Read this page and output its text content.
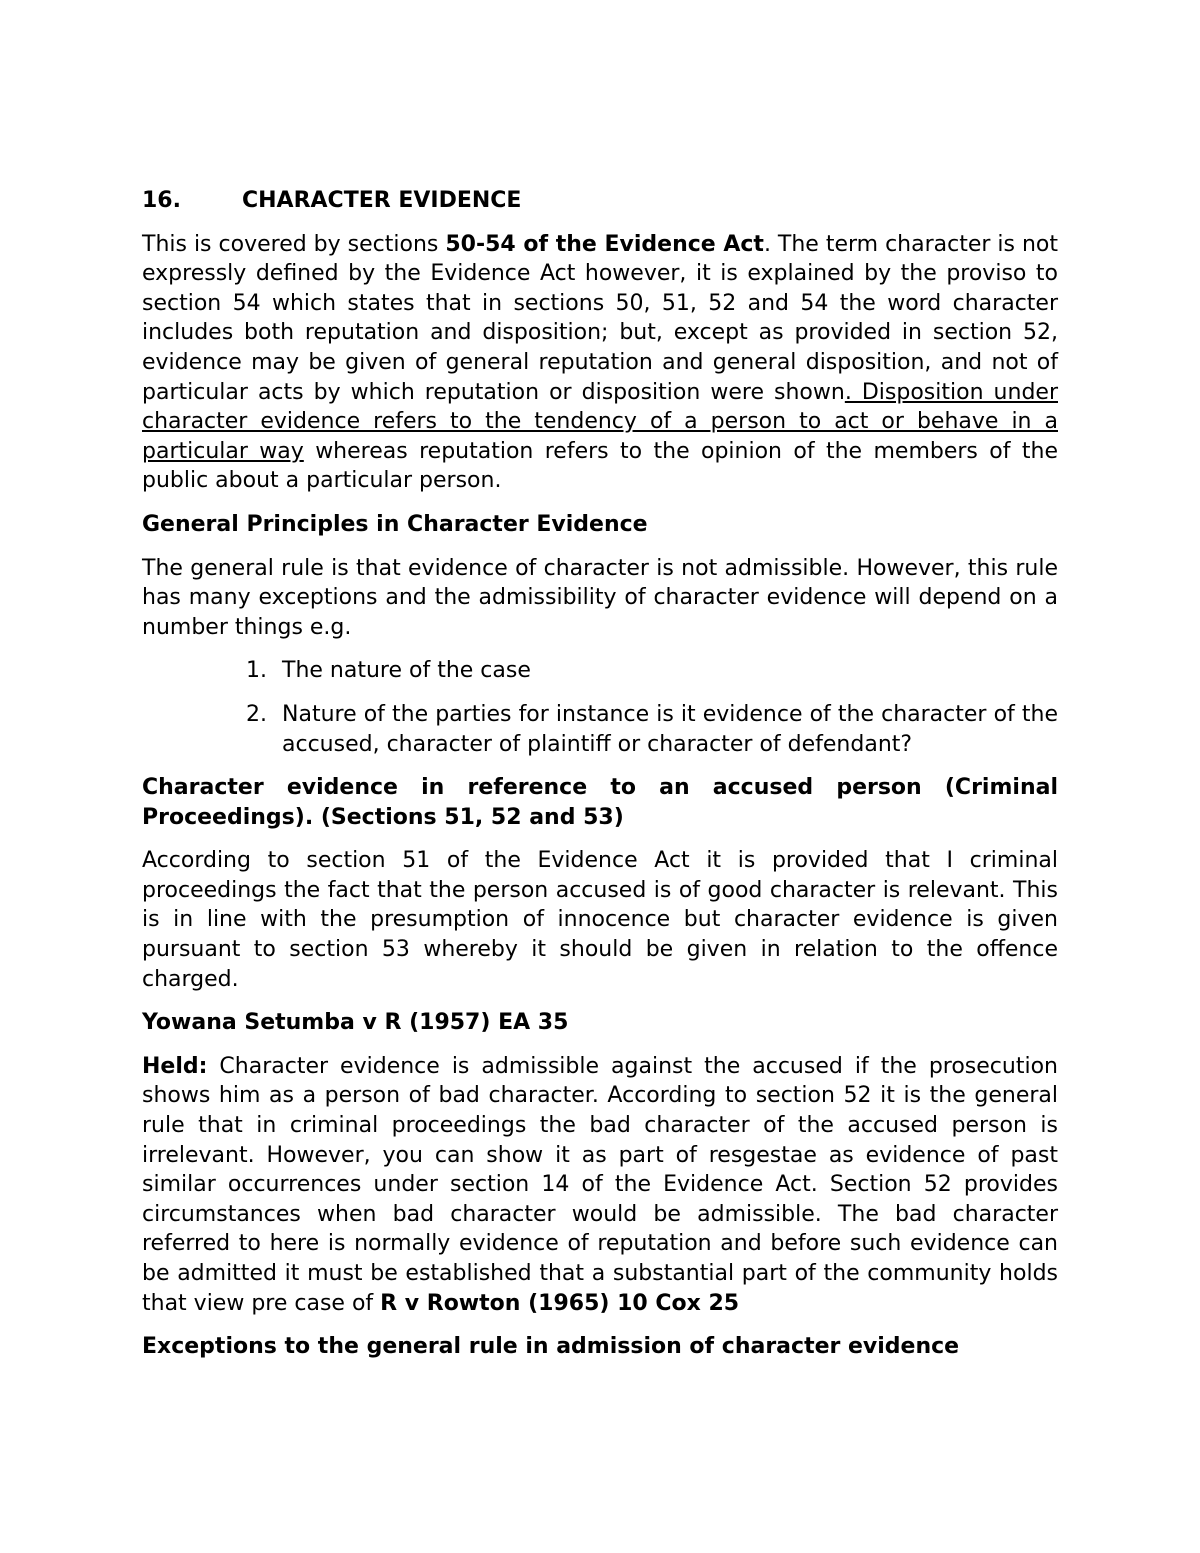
16.	CHARACTER EVIDENCE

This is covered by sections 50-54 of the Evidence Act. The term character is not expressly defined by the Evidence Act however, it is explained by the proviso to section 54 which states that in sections 50, 51, 52 and 54 the word character includes both reputation and disposition; but, except as provided in section 52, evidence may be given of general reputation and general disposition, and not of particular acts by which reputation or disposition were shown. Disposition under character evidence refers to the tendency of a person to act or behave in a particular way whereas reputation refers to the opinion of the members of the public about a particular person.

General Principles in Character Evidence

The general rule is that evidence of character is not admissible. However, this rule has many exceptions and the admissibility of character evidence will depend on a number things e.g.

1. The nature of the case
2. Nature of the parties for instance is it evidence of the character of the accused, character of plaintiff or character of defendant?

Character evidence in reference to an accused person (Criminal Proceedings). (Sections 51, 52 and 53)

According to section 51 of the Evidence Act it is provided that I criminal proceedings the fact that the person accused is of good character is relevant. This is in line with the presumption of innocence but character evidence is given pursuant to section 53 whereby it should be given in relation to the offence charged.

Yowana Setumba v R (1957) EA 35

Held: Character evidence is admissible against the accused if the prosecution shows him as a person of bad character. According to section 52 it is the general rule that in criminal proceedings the bad character of the accused person is irrelevant. However, you can show it as part of resgestae as evidence of past similar occurrences under section 14 of the Evidence Act. Section 52 provides circumstances when bad character would be admissible. The bad character referred to here is normally evidence of reputation and before such evidence can be admitted it must be established that a substantial part of the community holds that view pre case of R v Rowton (1965) 10 Cox 25

Exceptions to the general rule in admission of character evidence
